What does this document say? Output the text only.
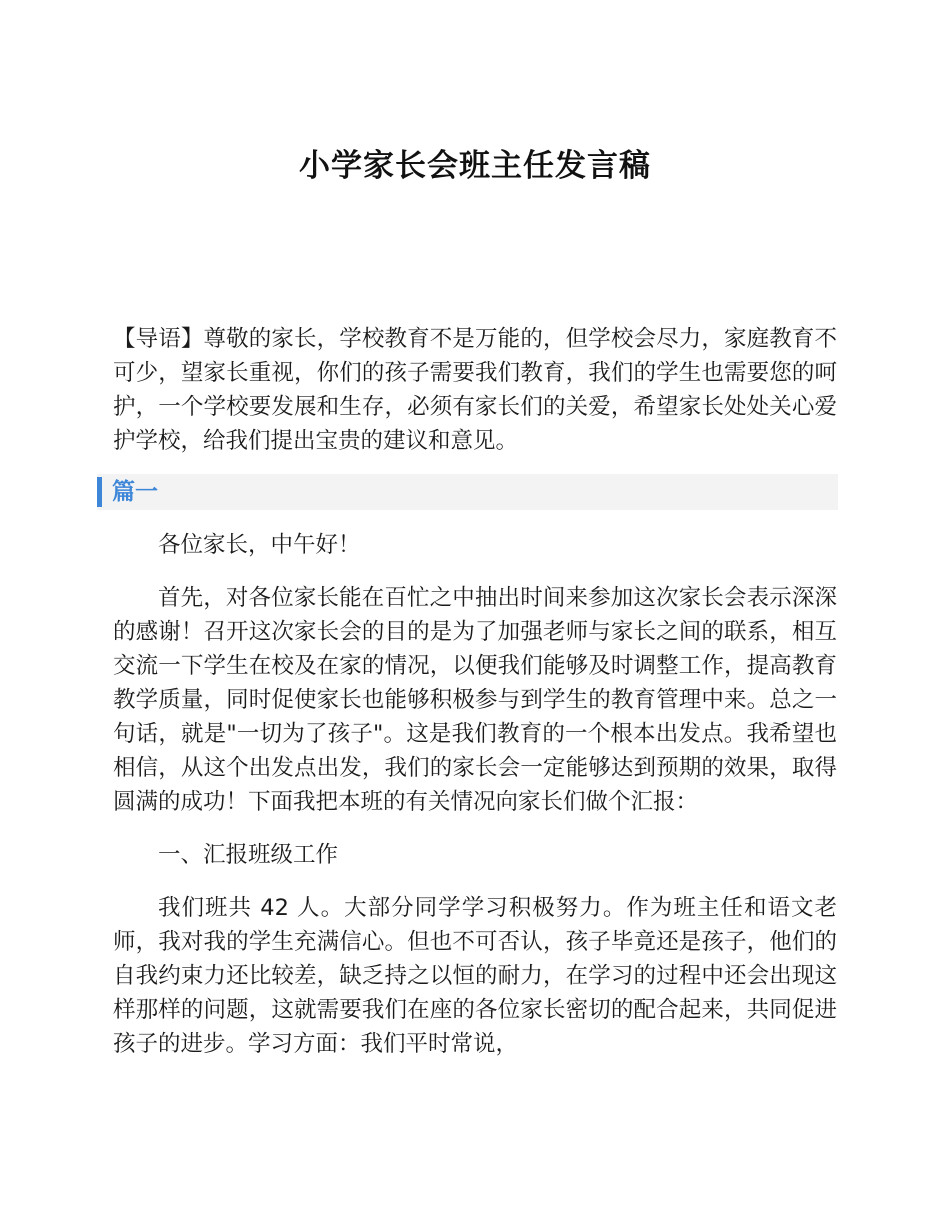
小学家长会班主任发言稿
【导语】尊敬的家长，学校教育不是万能的，但学校会尽力，家庭教育不可少，望家长重视，你们的孩子需要我们教育，我们的学生也需要您的呵护，一个学校要发展和生存，必须有家长们的关爱，希望家长处处关心爱护学校，给我们提出宝贵的建议和意见。
篇一

各位家长，中午好！

首先，对各位家长能在百忙之中抽出时间来参加这次家长会表示深深的感谢！召开这次家长会的目的是为了加强老师与家长之间的联系，相互交流一下学生在校及在家的情况，以便我们能够及时调整工作，提高教育教学质量，同时促使家长也能够积极参与到学生的教育管理中来。总之一句话，就是"一切为了孩子"。这是我们教育的一个根本出发点。我希望也相信，从这个出发点出发，我们的家长会一定能够达到预期的效果，取得圆满的成功！下面我把本班的有关情况向家长们做个汇报：

一、汇报班级工作

我们班共 42 人。大部分同学学习积极努力。作为班主任和语文老师，我对我的学生充满信心。但也不可否认，孩子毕竟还是孩子，他们的自我约束力还比较差，缺乏持之以恒的耐力，在学习的过程中还会出现这样那样的问题，这就需要我们在座的各位家长密切的配合起来，共同促进孩子的进步。学习方面：我们平时常说，
